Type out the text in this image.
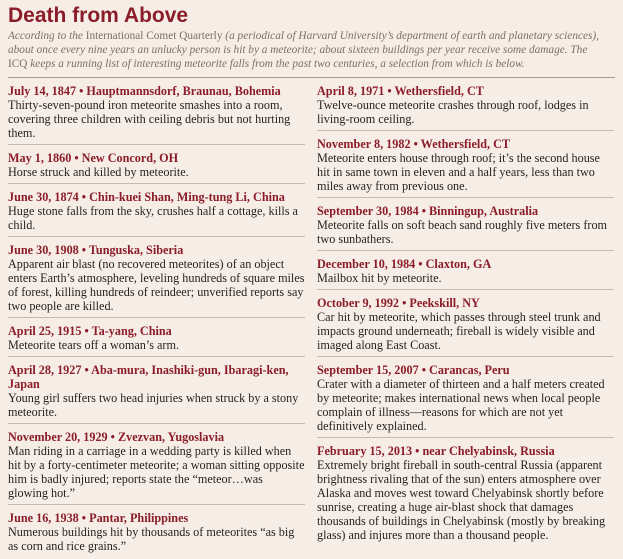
Death from Above

According to the International Comet Quarterly (a periodical of Harvard University’s department of earth and planetary sciences), about once every nine years an unlucky person is hit by a meteorite; about sixteen buildings per year receive some damage. The ICQ keeps a running list of interesting meteorite falls from the past two centuries, a selection from which is below.

July 14, 1847 • Hauptmannsdorf, Braunau, Bohemia
Thirty-seven-pound iron meteorite smashes into a room, covering three children with ceiling debris but not hurting them.
May 1, 1860 • New Concord, OH
Horse struck and killed by meteorite.
June 30, 1874 • Chin-kuei Shan, Ming-tung Li, China
Huge stone falls from the sky, crushes half a cottage, kills a child.
June 30, 1908 • Tunguska, Siberia
Apparent air blast (no recovered meteorites) of an object enters Earth’s atmosphere, leveling hundreds of square miles of forest, killing hundreds of reindeer; unverified reports say two people are killed.
April 25, 1915 • Ta-yang, China
Meteorite tears off a woman’s arm.
April 28, 1927 • Aba-mura, Inashiki-gun, Ibaragi-ken, Japan
Young girl suffers two head injuries when struck by a stony meteorite.
November 20, 1929 • Zvezvan, Yugoslavia
Man riding in a carriage in a wedding party is killed when hit by a forty-centimeter meteorite; a woman sitting opposite him is badly injured; reports state the “meteor…was glowing hot.”
June 16, 1938 • Pantar, Philippines
Numerous buildings hit by thousands of meteorites “as big as corn and rice grains.”
April 8, 1971 • Wethersfield, CT
Twelve-ounce meteorite crashes through roof, lodges in living-room ceiling.
November 8, 1982 • Wethersfield, CT
Meteorite enters house through roof; it’s the second house hit in same town in eleven and a half years, less than two miles away from previous one.
September 30, 1984 • Binningup, Australia
Meteorite falls on soft beach sand roughly five meters from two sunbathers.
December 10, 1984 • Claxton, GA
Mailbox hit by meteorite.
October 9, 1992 • Peekskill, NY
Car hit by meteorite, which passes through steel trunk and impacts ground underneath; fireball is widely visible and imaged along East Coast.
September 15, 2007 • Carancas, Peru
Crater with a diameter of thirteen and a half meters created by meteorite; makes international news when local people complain of illness—reasons for which are not yet definitively explained.
February 15, 2013 • near Chelyabinsk, Russia
Extremely bright fireball in south-central Russia (apparent brightness rivaling that of the sun) enters atmosphere over Alaska and moves west toward Chelyabinsk shortly before sunrise, creating a huge air-blast shock that damages thousands of buildings in Chelyabinsk (mostly by breaking glass) and injures more than a thousand people.
